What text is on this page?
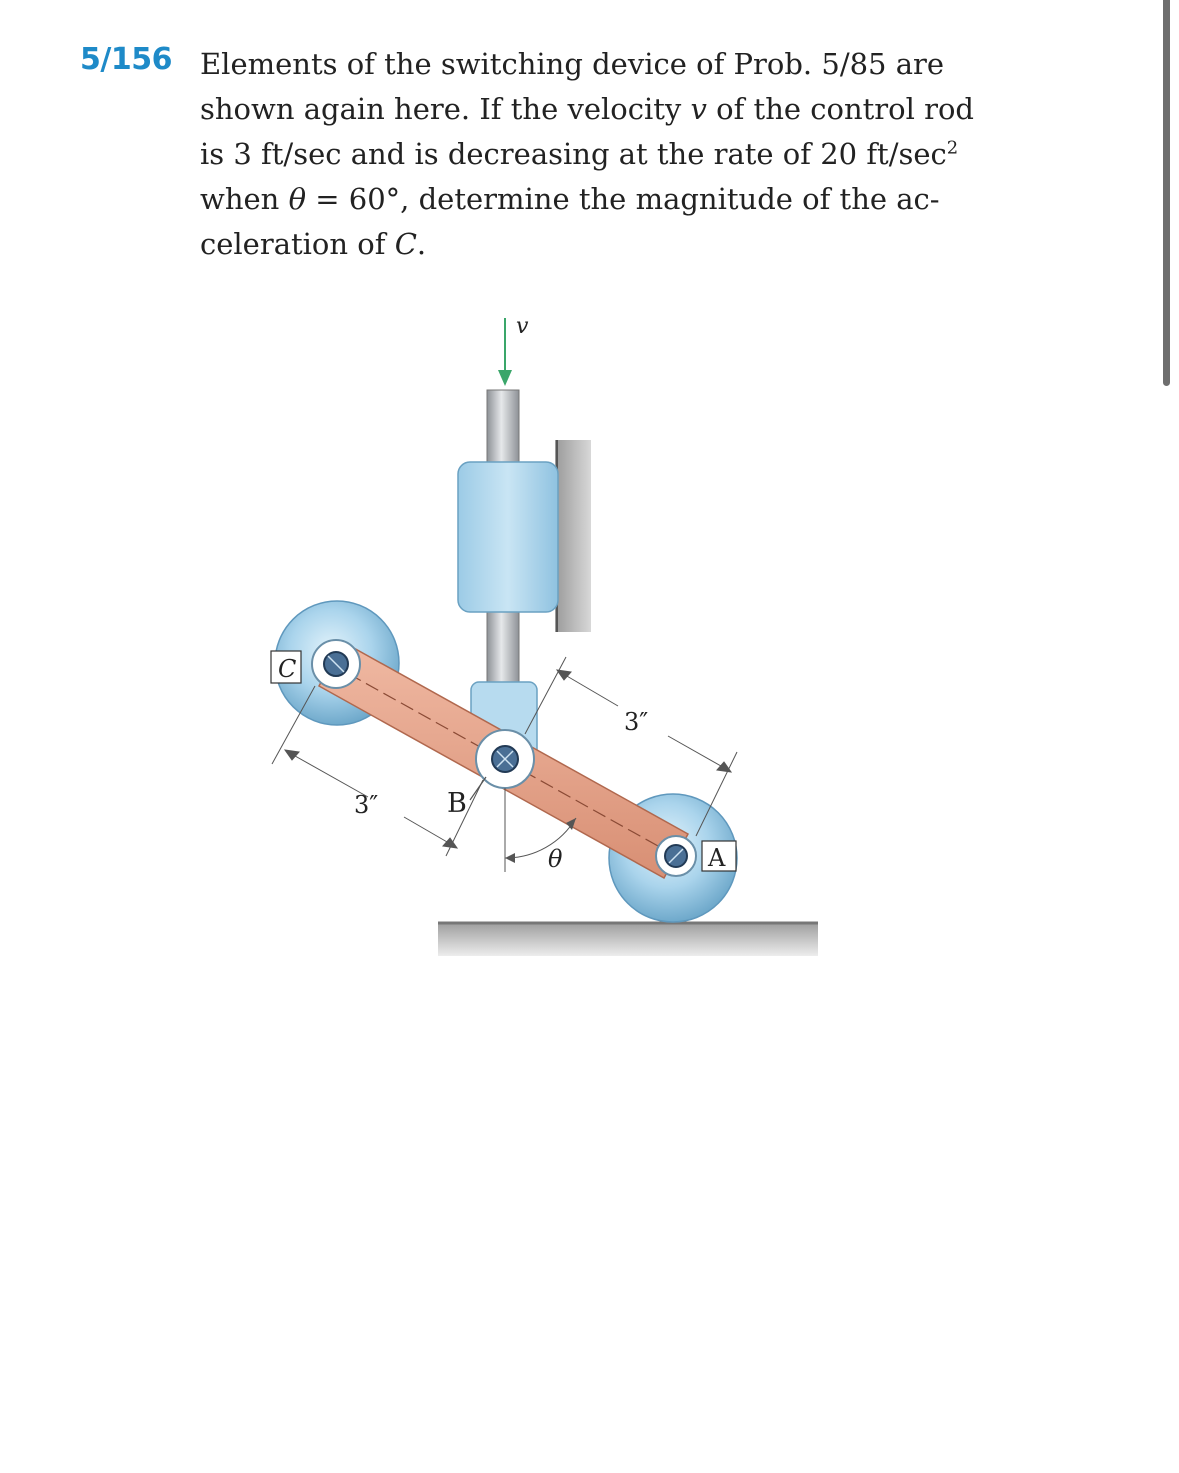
5/156 Elements of the switching device of Prob. 5/85 are
shown again here. If the velocity v of the control rod
is 3 ft/sec and is decreasing at the rate of 20 $ft/\sec^2$
when θ = 60°, determine the magnitude of the ac-
celeration of C.
v
C
B
A
θ
3″
3″
